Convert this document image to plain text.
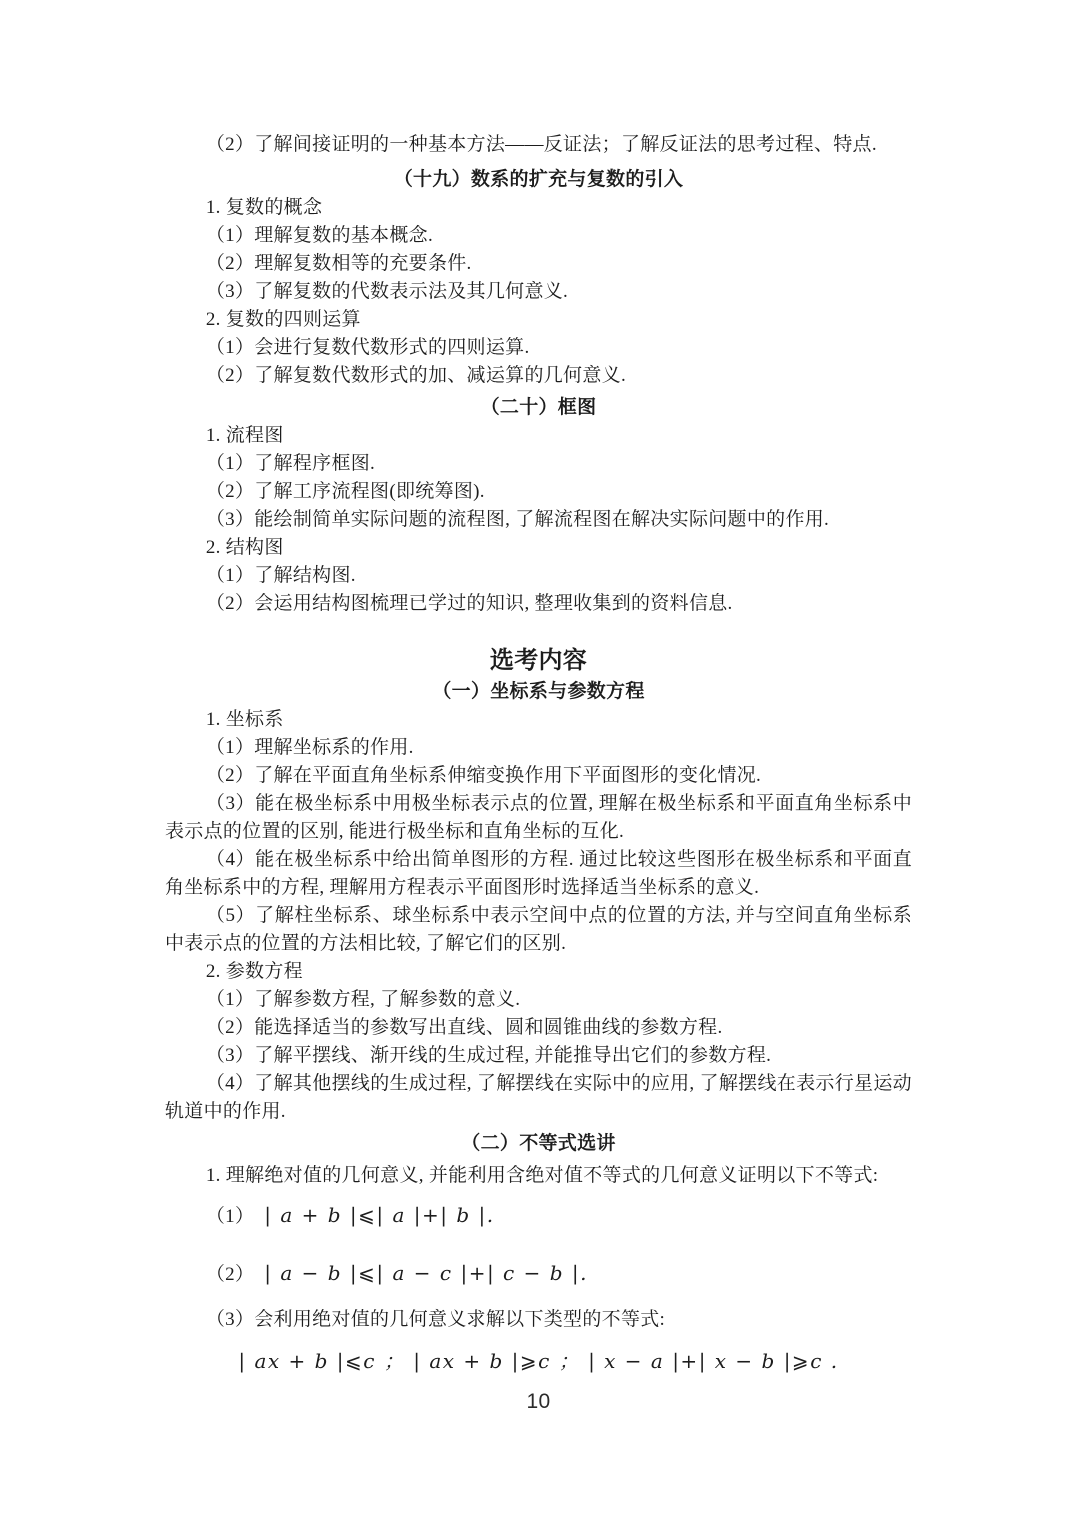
（2）了解间接证明的一种基本方法——反证法；了解反证法的思考过程、特点.

（十九）数系的扩充与复数的引入

1. 复数的概念

（1）理解复数的基本概念.

（2）理解复数相等的充要条件.

（3）了解复数的代数表示法及其几何意义.

2. 复数的四则运算

（1）会进行复数代数形式的四则运算.

（2）了解复数代数形式的加、减运算的几何意义.

（二十）框图

1. 流程图

（1）了解程序框图.

（2）了解工序流程图(即统筹图).

（3）能绘制简单实际问题的流程图, 了解流程图在解决实际问题中的作用.

2. 结构图

（1）了解结构图.

（2）会运用结构图梳理已学过的知识, 整理收集到的资料信息.

选考内容

（一）坐标系与参数方程

1. 坐标系

（1）理解坐标系的作用.

（2）了解在平面直角坐标系伸缩变换作用下平面图形的变化情况.

（3）能在极坐标系中用极坐标表示点的位置, 理解在极坐标系和平面直角坐标系中表示点的位置的区别, 能进行极坐标和直角坐标的互化.

（4）能在极坐标系中给出简单图形的方程. 通过比较这些图形在极坐标系和平面直角坐标系中的方程, 理解用方程表示平面图形时选择适当坐标系的意义.

（5）了解柱坐标系、球坐标系中表示空间中点的位置的方法, 并与空间直角坐标系中表示点的位置的方法相比较, 了解它们的区别.

2. 参数方程

（1）了解参数方程, 了解参数的意义.

（2）能选择适当的参数写出直线、圆和圆锥曲线的参数方程.

（3）了解平摆线、渐开线的生成过程, 并能推导出它们的参数方程.

（4）了解其他摆线的生成过程, 了解摆线在实际中的应用, 了解摆线在表示行星运动轨道中的作用.

（二）不等式选讲

1. 理解绝对值的几何意义, 并能利用含绝对值不等式的几何意义证明以下不等式:

（1） | a + b |⩽| a |+| b |.

（2） | a − b |⩽| a − c |+| c − b |.

（3）会利用绝对值的几何意义求解以下类型的不等式:

| ax + b |⩽c ； | ax + b |⩾c ； | x − a |+| x − b |⩾c .

10
